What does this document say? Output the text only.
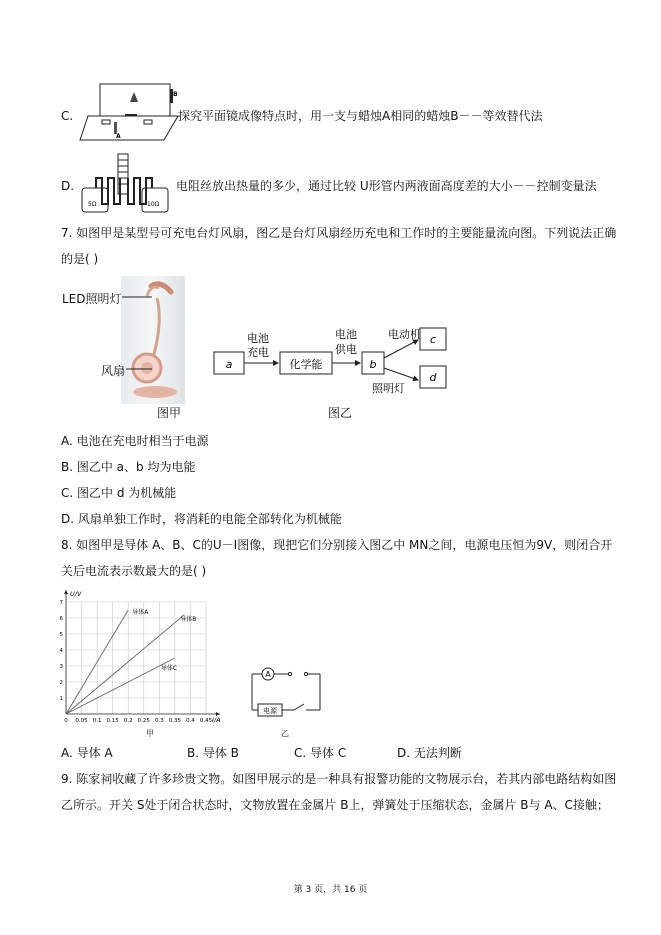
C.
B
A
探究平面镜成像特点时，用一支与蜡烛A相同的蜡烛B－－等效替代法
D.
5Ω	10Ω
电阻丝放出热量的多少，通过比较 U形管内两液面高度差的大小－－控制变量法
7. 如图甲是某型号可充电台灯风扇，图乙是台灯风扇经历充电和工作时的主要能量流向图。下列说法正确
的是( )
LED照明灯
风扇
图甲
a
电池
充电
化学能
电池
供电
b
电动机 c
照明灯
d
图乙
A. 电池在充电时相当于电源
B. 图乙中 a、b 均为电能
C. 图乙中 d 为机械能
D. 风扇单独工作时，将消耗的电能全部转化为机械能
8. 如图甲是导体 A、B、C的U－I图像，现把它们分别接入图乙中 MN之间，电源电压恒为9V，则闭合开
关后电流表示数最大的是( )
0 0.05 0.1 0.15 0.2 0.25 0.3 0.35 0.4 0.45
1
2
3
4
5
6
7
I/A
U/V
导体A
导体B
导体C
甲
A
电源
乙
A. 导体 A	B. 导体 B	C. 导体 C	D. 无法判断
9. 陈家祠收藏了许多珍贵文物。如图甲展示的是一种具有报警功能的文物展示台，若其内部电路结构如图
乙所示。开关 S处于闭合状态时，文物放置在金属片 B上，弹簧处于压缩状态，金属片 B与 A、C接触；
第 3 页，共 16 页
